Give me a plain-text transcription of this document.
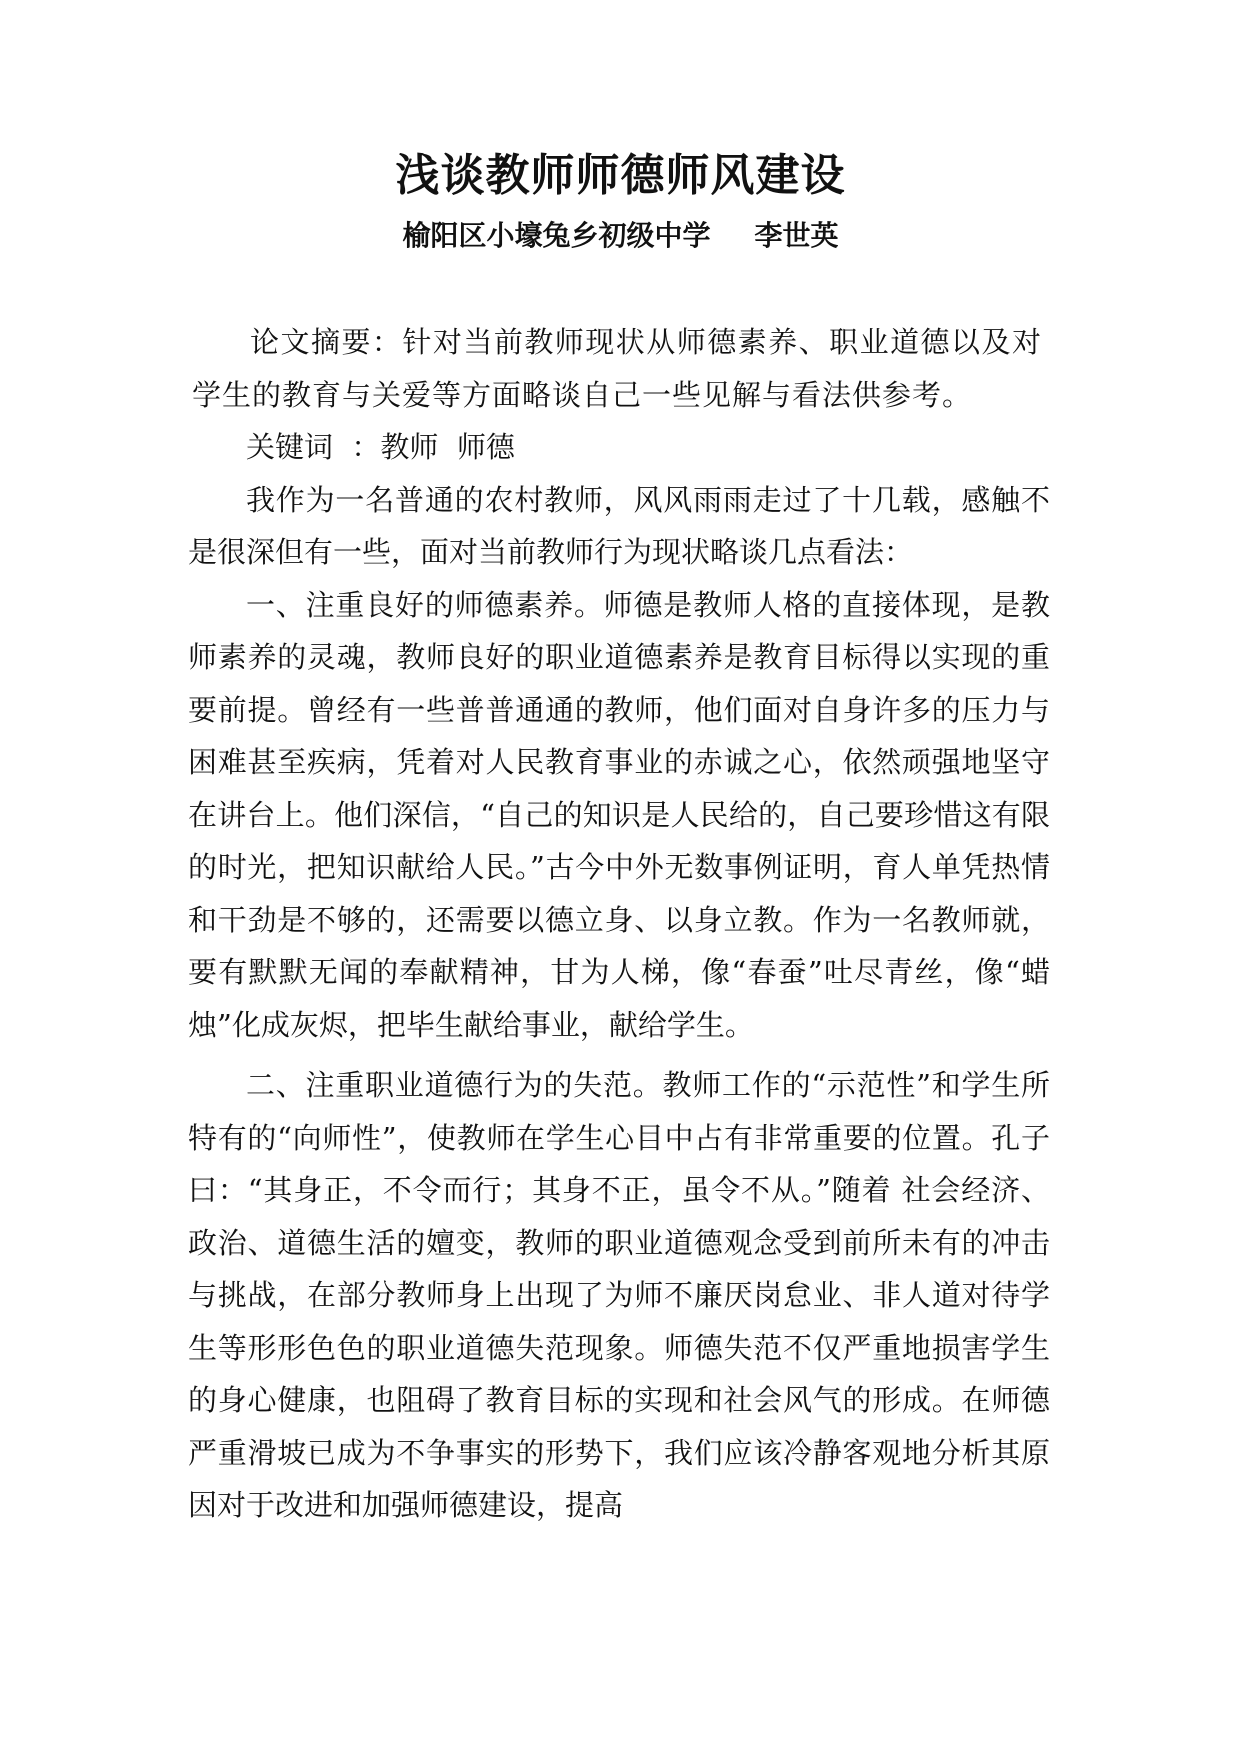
浅谈教师师德师风建设
榆阳区小壕兔乡初级中学 李世英

论文摘要：针对当前教师现状从师德素养、职业道德以及对学生的教育与关爱等方面略谈自己一些见解与看法供参考。

关键词  ：教师  师德

我作为一名普通的农村教师，风风雨雨走过了十几载，感触不是很深但有一些，面对当前教师行为现状略谈几点看法：

一、注重良好的师德素养。师德是教师人格的直接体现，是教师素养的灵魂，教师良好的职业道德素养是教育目标得以实现的重要前提。曾经有一些普普通通的教师，他们面对自身许多的压力与困难甚至疾病，凭着对人民教育事业的赤诚之心，依然顽强地坚守在讲台上。他们深信，“自己的知识是人民给的，自己要珍惜这有限的时光，把知识献给人民。”古今中外无数事例证明，育人单凭热情和干劲是不够的，还需要以德立身、以身立教。作为一名教师就，要有默默无闻的奉献精神，甘为人梯，像“春蚕”吐尽青丝，像“蜡烛”化成灰烬，把毕生献给事业，献给学生。

二、注重职业道德行为的失范。教师工作的“示范性”和学生所特有的“向师性”，使教师在学生心目中占有非常重要的位置。孔子曰：“其身正，不令而行；其身不正，虽令不从。”随着 社会经济、政治、道德生活的嬗变，教师的职业道德观念受到前所未有的冲击与挑战，在部分教师身上出现了为师不廉厌岗怠业、非人道对待学生等形形色色的职业道德失范现象。师德失范不仅严重地损害学生的身心健康，也阻碍了教育目标的实现和社会风气的形成。在师德严重滑坡已成为不争事实的形势下，我们应该冷静客观地分析其原因对于改进和加强师德建设，提高
